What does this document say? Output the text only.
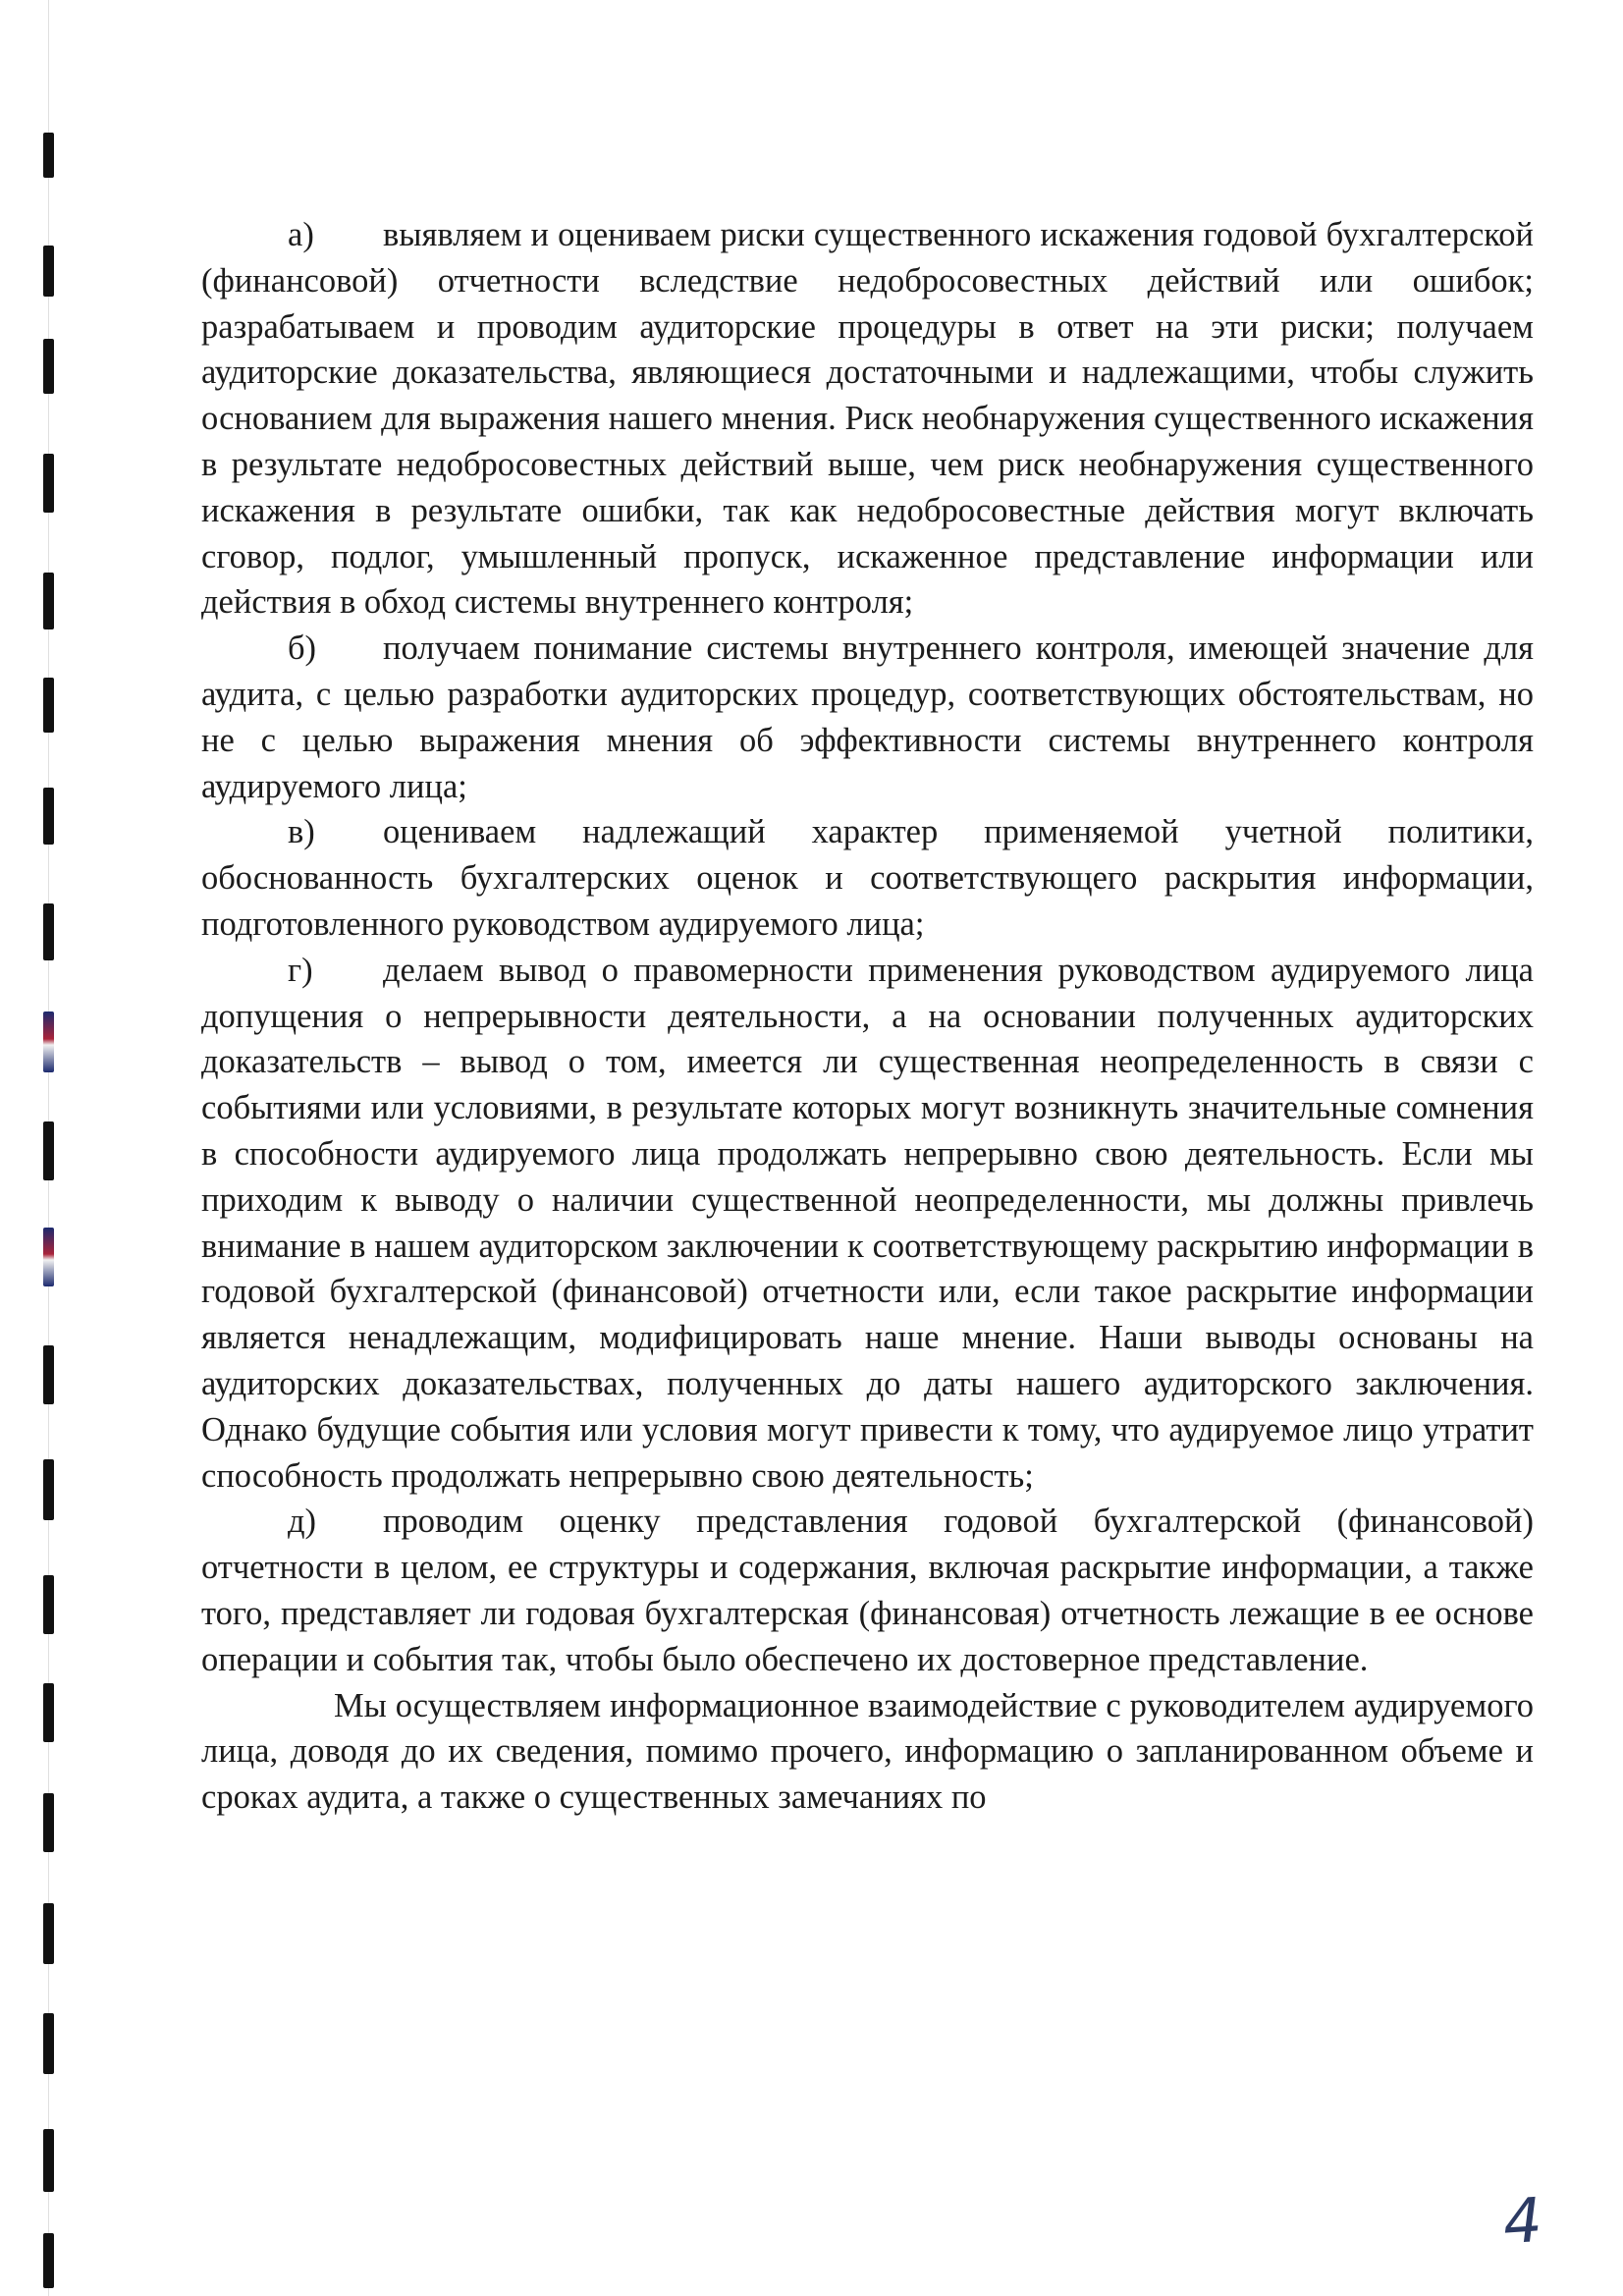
а) выявляем и оцениваем риски существенного искажения годовой бухгалтерской (финансовой) отчетности вследствие недобросовестных действий или ошибок; разрабатываем и проводим аудиторские процедуры в ответ на эти риски; получаем аудиторские доказательства, являющиеся достаточными и надлежащими, чтобы служить основанием для выражения нашего мнения. Риск необнаружения существенного искажения в результате недобросовестных действий выше, чем риск необнаружения существенного искажения в результате ошибки, так как недобросовестные действия могут включать сговор, подлог, умышленный пропуск, искаженное представление информации или действия в обход системы внутреннего контроля;

б) получаем понимание системы внутреннего контроля, имеющей значение для аудита, с целью разработки аудиторских процедур, соответствующих обстоятельствам, но не с целью выражения мнения об эффективности системы внутреннего контроля аудируемого лица;

в) оцениваем надлежащий характер применяемой учетной политики, обоснованность бухгалтерских оценок и соответствующего раскрытия информации, подготовленного руководством аудируемого лица;

г) делаем вывод о правомерности применения руководством аудируемого лица допущения о непрерывности деятельности, а на основании полученных аудиторских доказательств – вывод о том, имеется ли существенная неопределенность в связи с событиями или условиями, в результате которых могут возникнуть значительные сомнения в способности аудируемого лица продолжать непрерывно свою деятельность. Если мы приходим к выводу о наличии существенной неопределенности, мы должны привлечь внимание в нашем аудиторском заключении к соответствующему раскрытию информации в годовой бухгалтерской (финансовой) отчетности или, если такое раскрытие информации является ненадлежащим, модифицировать наше мнение. Наши выводы основаны на аудиторских доказательствах, полученных до даты нашего аудиторского заключения. Однако будущие события или условия могут привести к тому, что аудируемое лицо утратит способность продолжать непрерывно свою деятельность;

д) проводим оценку представления годовой бухгалтерской (финансовой) отчетности в целом, ее структуры и содержания, включая раскрытие информации, а также того, представляет ли годовая бухгалтерская (финансовая) отчетность лежащие в ее основе операции и события так, чтобы было обеспечено их достоверное представление.

Мы осуществляем информационное взаимодействие с руководителем аудируемого лица, доводя до их сведения, помимо прочего, информацию о запланированном объеме и сроках аудита, а также о существенных замечаниях по

4
